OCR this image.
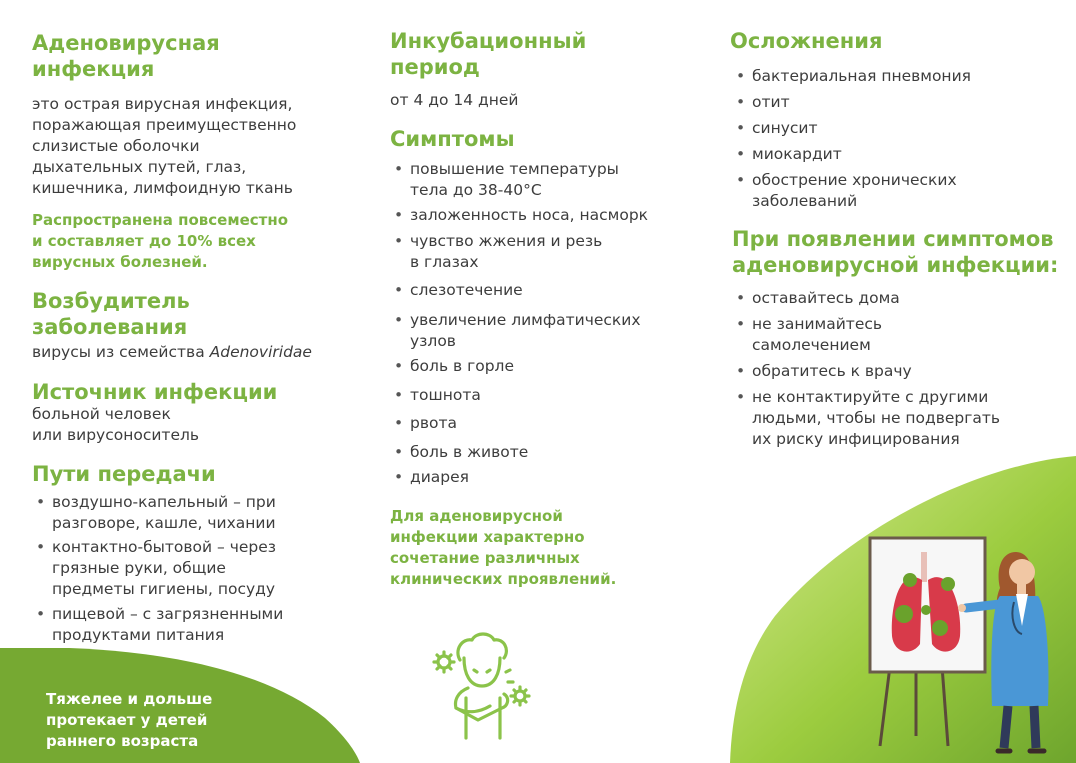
Аденовирусная
инфекция

это острая вирусная инфекция,
поражающая преимущественно
слизистые оболочки
дыхательных путей, глаз,
кишечника, лимфоидную ткань

Распространена повсеместно
и составляет до 10% всех
вирусных болезней.

Возбудитель
заболевания

вирусы из семейства Adenoviridae

Источник инфекции

больной человек
или вирусоноситель

Пути передачи
• воздушно-капельный – при
разговоре, кашле, чихании
• контактно-бытовой – через
грязные руки, общие
предметы гигиены, посуду
• пищевой – с загрязненными
продуктами питания

Тяжелее и дольше
протекает у детей
раннего возраста

Инкубационный
период

от 4 до 14 дней

Симптомы
• повышение температуры
тела до 38-40°С
• заложенность носа, насморк
• чувство жжения и резь
в глазах
• слезотечение
• увеличение лимфатических
узлов
• боль в горле
• тошнота
• рвота
• боль в животе
• диарея

Для аденовирусной
инфекции характерно
сочетание различных
клинических проявлений.

Осложнения
• бактериальная пневмония
• отит
• синусит
• миокардит
• обострение хронических
заболеваний
При появлении симптомов
аденовирусной инфекции:
• оставайтесь дома
• не занимайтесь
самолечением
• обратитесь к врачу
• не контактируйте с другими
людьми, чтобы не подвергать
их риску инфицирования
